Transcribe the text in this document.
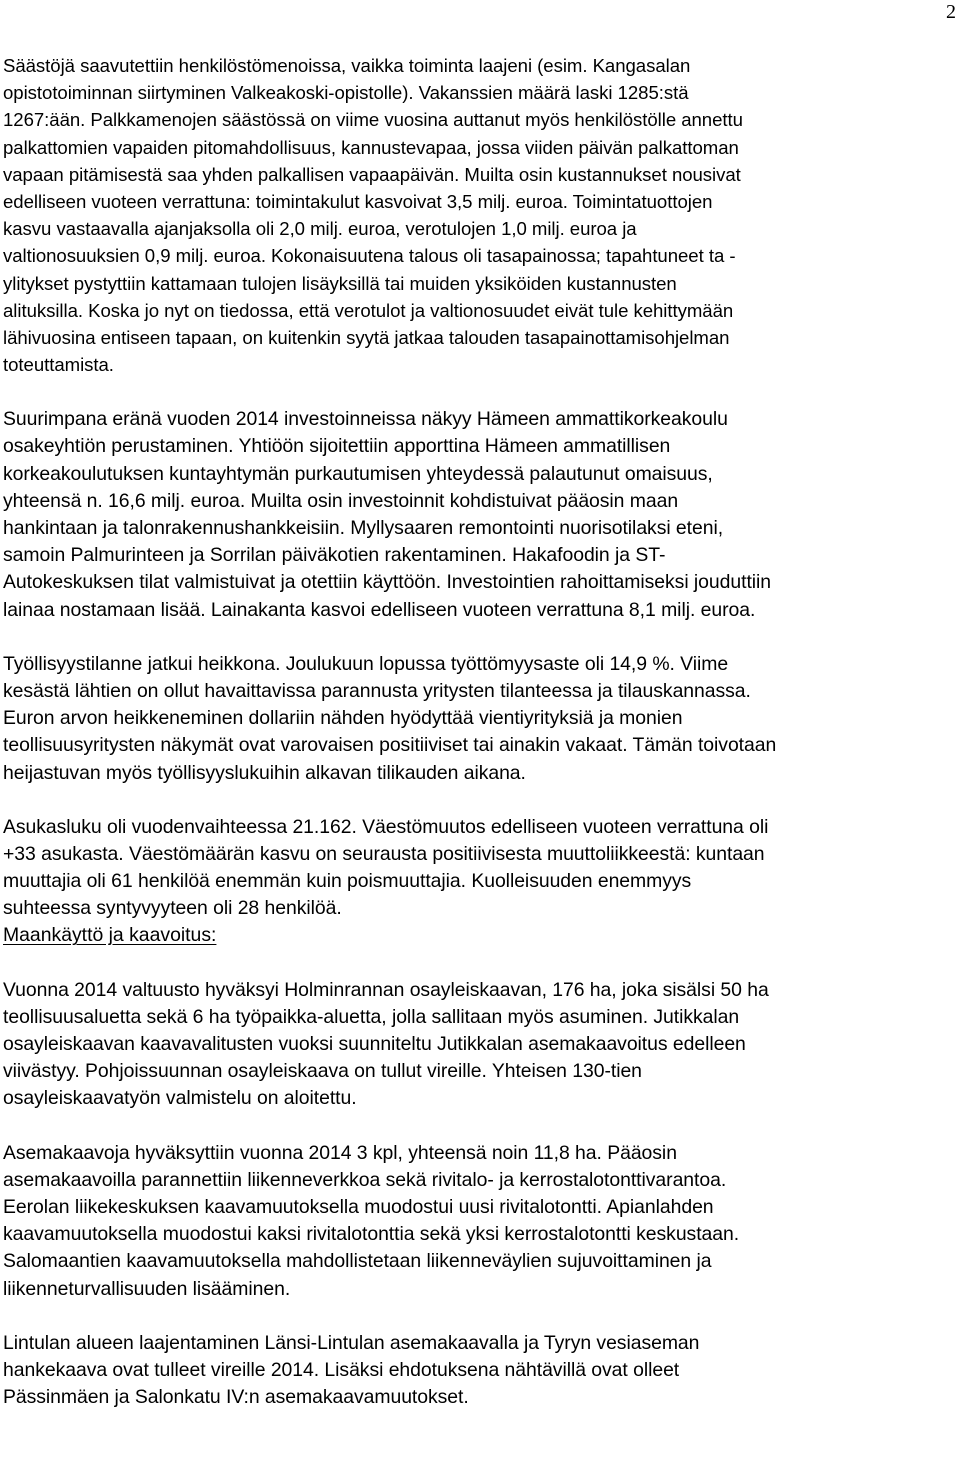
2

Säästöjä saavutettiin henkilöstömenoissa, vaikka toiminta laajeni (esim. Kangasalan
opistotoiminnan siirtyminen Valkeakoski-opistolle). Vakanssien määrä laski 1285:stä
1267:ään. Palkkamenojen säästössä on viime vuosina auttanut myös henkilöstölle annettu
palkattomien vapaiden pitomahdollisuus, kannustevapaa, jossa viiden päivän palkattoman
vapaan pitämisestä saa yhden palkallisen vapaapäivän. Muilta osin kustannukset nousivat
edelliseen vuoteen verrattuna: toimintakulut kasvoivat 3,5 milj. euroa. Toimintatuottojen
kasvu vastaavalla ajanjaksolla oli 2,0 milj. euroa, verotulojen 1,0 milj. euroa ja
valtionosuuksien 0,9 milj. euroa. Kokonaisuutena talous oli tasapainossa; tapahtuneet ta -
ylitykset pystyttiin kattamaan tulojen lisäyksillä tai muiden yksiköiden kustannusten
alituksilla. Koska jo nyt on tiedossa, että verotulot ja valtionosuudet eivät tule kehittymään
lähivuosina entiseen tapaan, on kuitenkin syytä jatkaa talouden tasapainottamisohjelman
toteuttamista.

Suurimpana eränä vuoden 2014 investoinneissa näkyy Hämeen ammattikorkeakoulu
osakeyhtiön perustaminen. Yhtiöön sijoitettiin apporttina Hämeen ammatillisen
korkeakoulutuksen kuntayhtymän purkautumisen yhteydessä palautunut omaisuus,
yhteensä n. 16,6 milj. euroa. Muilta osin investoinnit kohdistuivat pääosin maan
hankintaan ja talonrakennushankkeisiin. Myllysaaren remontointi nuorisotilaksi eteni,
samoin Palmurinteen ja Sorrilan päiväkotien rakentaminen. Hakafoodin ja ST-
Autokeskuksen tilat valmistuivat ja otettiin käyttöön. Investointien rahoittamiseksi jouduttiin
lainaa nostamaan lisää. Lainakanta kasvoi edelliseen vuoteen verrattuna 8,1 milj. euroa.

Työllisyystilanne jatkui heikkona. Joulukuun lopussa työttömyysaste oli 14,9 %. Viime
kesästä lähtien on ollut havaittavissa parannusta yritysten tilanteessa ja tilauskannassa.
Euron arvon heikkeneminen dollariin nähden hyödyttää vientiyrityksiä ja monien
teollisuusyritysten näkymät ovat varovaisen positiiviset tai ainakin vakaat. Tämän toivotaan
heijastuvan myös työllisyyslukuihin alkavan tilikauden aikana.

Asukasluku oli vuodenvaihteessa 21.162. Väestömuutos edelliseen vuoteen verrattuna oli
+33 asukasta. Väestömäärän kasvu on seurausta positiivisesta muuttoliikkeestä: kuntaan
muuttajia oli 61 henkilöä enemmän kuin poismuuttajia. Kuolleisuuden enemmyys
suhteessa syntyvyyteen oli 28 henkilöä.

Maankäyttö ja kaavoitus:

Vuonna 2014 valtuusto hyväksyi Holminrannan osayleiskaavan, 176 ha, joka sisälsi 50 ha
teollisuusaluetta sekä 6 ha työpaikka-aluetta, jolla sallitaan myös asuminen. Jutikkalan
osayleiskaavan kaavavalitusten vuoksi suunniteltu Jutikkalan asemakaavoitus edelleen
viivästyy. Pohjoissuunnan osayleiskaava on tullut vireille. Yhteisen 130-tien
osayleiskaavatyön valmistelu on aloitettu.

Asemakaavoja hyväksyttiin vuonna 2014 3 kpl, yhteensä noin 11,8 ha. Pääosin
asemakaavoilla parannettiin liikenneverkkoa sekä rivitalo- ja kerrostalotonttivarantoa.
Eerolan liikekeskuksen kaavamuutoksella muodostui uusi rivitalotontti. Apianlahden
kaavamuutoksella muodostui kaksi rivitalotonttia sekä yksi kerrostalotontti keskustaan.
Salomaantien kaavamuutoksella mahdollistetaan liikenneväylien sujuvoittaminen ja
liikenneturvallisuuden lisääminen.

Lintulan alueen laajentaminen Länsi-Lintulan asemakaavalla ja Tyryn vesiaseman
hankekaava ovat tulleet vireille 2014. Lisäksi ehdotuksena nähtävillä ovat olleet
Pässinmäen ja Salonkatu IV:n asemakaavamuutokset.
